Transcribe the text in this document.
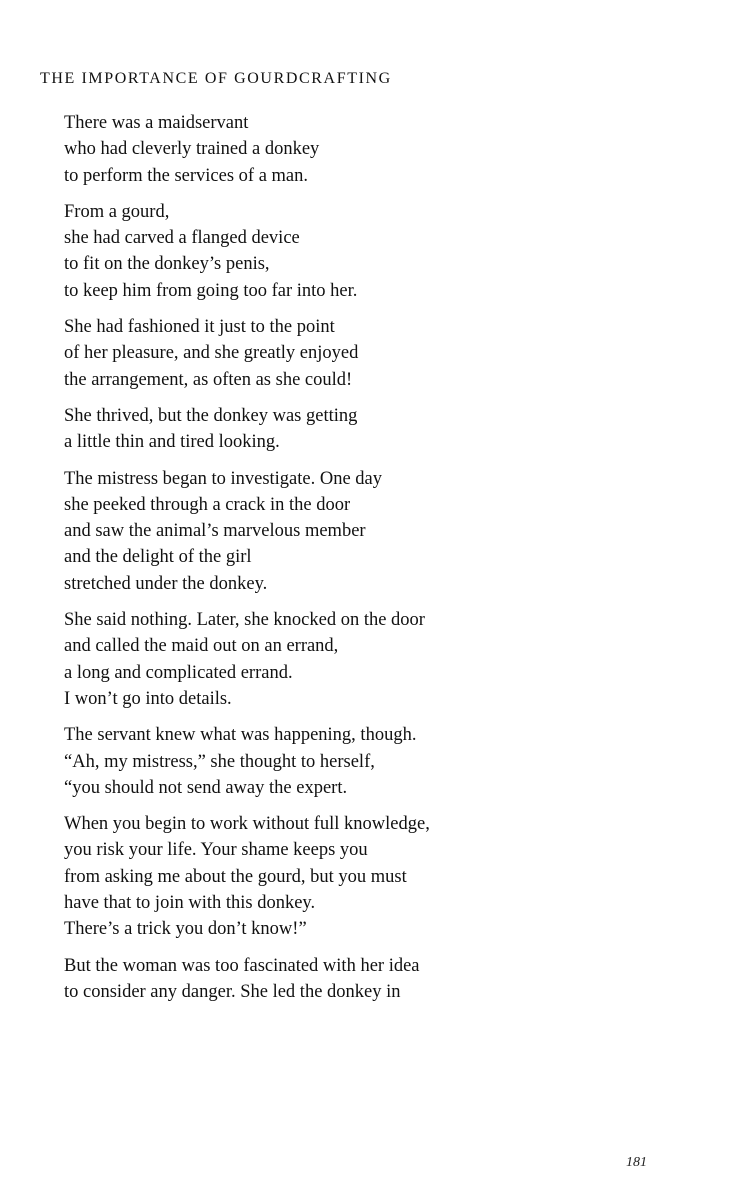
THE IMPORTANCE OF GOURDCRAFTING
There was a maidservant
who had cleverly trained a donkey
to perform the services of a man.
From a gourd,
she had carved a flanged device
to fit on the donkey’s penis,
to keep him from going too far into her.
She had fashioned it just to the point
of her pleasure, and she greatly enjoyed
the arrangement, as often as she could!
She thrived, but the donkey was getting
a little thin and tired looking.
The mistress began to investigate. One day
she peeked through a crack in the door
and saw the animal’s marvelous member
and the delight of the girl
stretched under the donkey.
She said nothing. Later, she knocked on the door
and called the maid out on an errand,
a long and complicated errand.
I won’t go into details.
The servant knew what was happening, though.
“Ah, my mistress,” she thought to herself,
“you should not send away the expert.
When you begin to work without full knowledge,
you risk your life. Your shame keeps you
from asking me about the gourd, but you must
have that to join with this donkey.
There’s a trick you don’t know!”
But the woman was too fascinated with her idea
to consider any danger. She led the donkey in
181
